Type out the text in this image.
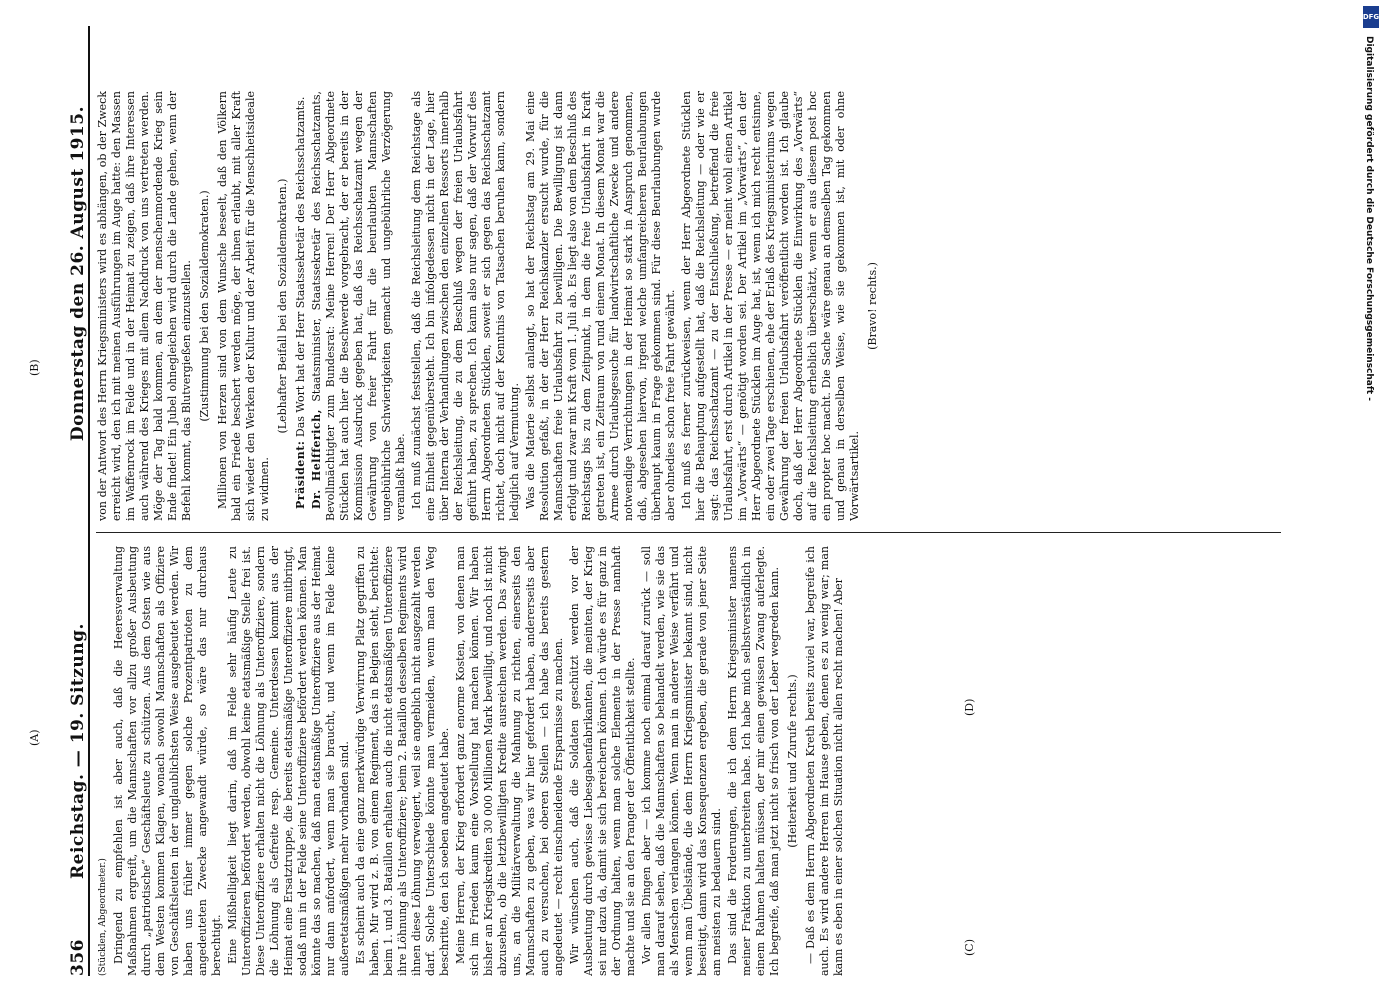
356
Reichstag. — 19. Sitzung.
Donnerstag den 26. August 1915.
(A)
(B)
(C)
(D)

(Stücklen, Abgeordneter.) Dringend zu empfehlen ist aber auch, daß die Heeresverwaltung Maßnahmen ergreift, um die Mannschaften vor allzu großer Ausbeutung durch „patriotische“ Geschäftsleute zu schützen. Aus dem Osten wie aus dem Westen kommen Klagen, wonach sowohl Mannschaften als Offiziere von Geschäftsleuten in der unglaublichsten Weise ausgebeutet werden. Wir haben uns früher immer gegen solche Prozentpatrioten zu dem angedeuteten Zwecke angewandt würde, so wäre das nur durchaus berechtigt. Eine Mißhelligkeit liegt darin, daß im Felde sehr häufig Leute zu Unteroffizieren befördert werden, obwohl keine etatsmäßige Stelle frei ist. Diese Unteroffiziere erhalten nicht die Löhnung als Unteroffiziere, sondern die Löhnung als Gefreite resp. Gemeine. Unterdessen kommt aus der Heimat eine Ersatztruppe, die bereits etatsmäßige Unteroffiziere mitbringt, sodaß nun in der Felde seine Unteroffiziere befördert werden können. Man könnte das so machen, daß man etatsmäßige Unteroffiziere aus der Heimat nur dann anfordert, wenn man sie braucht, und wenn im Felde keine außeretatsmäßigen mehr vorhanden sind. Es scheint auch da eine ganz merkwürdige Verwirrung Platz gegriffen zu haben. Mir wird z. B. von einem Regiment, das in Belgien steht, berichtet: beim 1. und 3. Bataillon erhalten auch die nicht etatsmäßigen Unteroffiziere ihre Löhnung als Unteroffiziere; beim 2. Bataillon desselben Regiments wird ihnen diese Löhnung verweigert, weil sie angeblich nicht ausgezahlt werden darf. Solche Unterschiede könnte man vermeiden, wenn man den Weg beschritte, den ich soeben angedeutet habe. Meine Herren, der Krieg erfordert ganz enorme Kosten, von denen man sich im Frieden kaum eine Vorstellung hat machen können. Wir haben bisher an Kriegskrediten 30 000 Millionen Mark bewilligt, und noch ist nicht abzusehen, ob die letztbewilligten Kredite ausreichen werden. Das zwingt uns, an die Militärverwaltung die Mahnung zu richten, einerseits den Mannschaften zu geben, was wir hier gefordert haben, andererseits aber auch zu versuchen, bei oberen Stellen — ich habe das bereits gestern angedeutet — recht einschneidende Ersparnisse zu machen. Wir wünschen auch, daß die Soldaten geschützt werden vor der Ausbeutung durch gewisse Liebesgabenfabrikanten, die meinten, der Krieg sei nur dazu da, damit sie sich bereichern können. Ich würde es für ganz in der Ordnung halten, wenn man solche Elemente in der Presse namhaft machte und sie an den Pranger der Öffentlichkeit stellte. Vor allen Dingen aber — ich komme noch einmal darauf zurück — soll man darauf sehen, daß die Mannschaften so behandelt werden, wie sie das als Menschen verlangen können. Wenn man in anderer Weise verfährt und wenn man Übelstände, die dem Herrn Kriegsminister bekannt sind, nicht beseitigt, dann wird das Konsequenzen ergeben, die gerade von jener Seite am meisten zu bedauern sind. Das sind die Forderungen, die ich dem Herrn Kriegsminister namens meiner Fraktion zu unterbreiten habe. Ich habe mich selbstverständlich in einem Rahmen halten müssen, der mir einen gewissen Zwang auferlegte. Ich begreife, daß man jetzt nicht so frisch von der Leber wegreden kann. (Heiterkeit und Zurufe rechts.) — Daß es dem Herrn Abgeordneten Kreth bereits zuviel war, begreife ich auch. Es wird andere Herren im Hause geben, denen es zu wenig war; man kann es eben in einer solchen Situation nicht allen recht machen! Aber

von der Antwort des Herrn Kriegsministers wird es abhängen, ob der Zweck erreicht wird, den ich mit meinen Ausführungen im Auge hatte: den Massen im Waffenrock im Felde und in der Heimat zu zeigen, daß ihre Interessen auch während des Krieges mit allem Nachdruck von uns vertreten werden. Möge der Tag bald kommen, an dem der menschenmordende Krieg sein Ende findet! Ein Jubel ohnegleichen wird durch die Lande gehen, wenn der Befehl kommt, das Blutvergießen einzustellen. (Zustimmung bei den Sozialdemokraten.) Millionen von Herzen sind von dem Wunsche beseelt, daß den Völkern bald ein Friede beschert werden möge, der ihnen erlaubt, mit aller Kraft sich wieder den Werken der Kultur und der Arbeit für die Menschheitsideale zu widmen.

(Lebhafter Beifall bei den Sozialdemokraten.)

Präsident: Das Wort hat der Herr Staatssekretär des Reichsschatzamts.

Dr. Helfferich, Staatsminister, Staatssekretär des Reichsschatzamts, Bevollmächtigter zum Bundesrat: Meine Herren! Der Herr Abgeordnete Stücklen hat auch hier die Beschwerde vorgebracht, der er bereits in der Kommission Ausdruck gegeben hat, daß das Reichsschatzamt wegen der Gewährung von freier Fahrt für die beurlaubten Mannschaften ungebührliche Schwierigkeiten gemacht und ungebührliche Verzögerung veranlaßt habe. Ich muß zunächst feststellen, daß die Reichsleitung dem Reichstage als eine Einheit gegenübersteht. Ich bin infolgedessen nicht in der Lage, hier über Interna der Verhandlungen zwischen den einzelnen Ressorts innerhalb der Reichsleitung, die zu dem Beschluß wegen der freien Urlaubsfahrt geführt haben, zu sprechen. Ich kann also nur sagen, daß der Vorwurf des Herrn Abgeordneten Stücklen, soweit er sich gegen das Reichsschatzamt richtet, doch nicht auf der Kenntnis von Tatsachen beruhen kann, sondern lediglich auf Vermutung. Was die Materie selbst anlangt, so hat der Reichstag am 29. Mai eine Resolution gefaßt, in der der Herr Reichskanzler ersucht wurde, für die Mannschaften freie Urlaubsfahrt zu bewilligen. Die Bewilligung ist dann erfolgt und zwar mit Kraft vom 1. Juli ab. Es liegt also von dem Beschluß des Reichstags bis zu dem Zeitpunkt, in dem die freie Urlaubsfahrt in Kraft getreten ist, ein Zeitraum von rund einem Monat. In diesem Monat war die Armee durch Urlaubsgesuche für landwirtschaftliche Zwecke und andere notwendige Verrichtungen in der Heimat so stark in Anspruch genommen, daß, abgesehen hiervon, irgend welche umfangreicheren Beurlaubungen überhaupt kaum in Frage gekommen sind. Für diese Beurlaubungen wurde aber ohnedies schon freie Fahrt gewährt. Ich muß es ferner zurückweisen, wenn der Herr Abgeordnete Stücklen hier die Behauptung aufgestellt hat, daß die Reichsleitung — oder wie er sagt: das Reichsschatzamt — zu der Entschließung, betreffend die freie Urlaubsfahrt, erst durch Artikel in der Presse — er meint wohl einen Artikel im „Vorwärts“ — genötigt worden sei. Der Artikel im „Vorwärts“, den der Herr Abgeordnete Stücklen im Auge hat, ist, wenn ich mich recht entsinne, ein oder zwei Tage erschienen, ehe der Erlaß des Kriegsministeriums wegen Gewährung der freien Urlaubsfahrt veröffentlicht worden ist. Ich glaube doch, daß der Herr Abgeordnete Stücklen die Einwirkung des „Vorwärts“ auf die Reichsleitung erheblich überschätzt, wenn er aus diesem post hoc ein propter hoc macht. Die Sache wäre genau an demselben Tag gekommen und genau in derselben Weise, wie sie gekommen ist, mit oder ohne Vorwärtsartikel.

(Bravo! rechts.)

DFG
Digitalisierung gefördert durch die Deutsche Forschungsgemeinschaft -
